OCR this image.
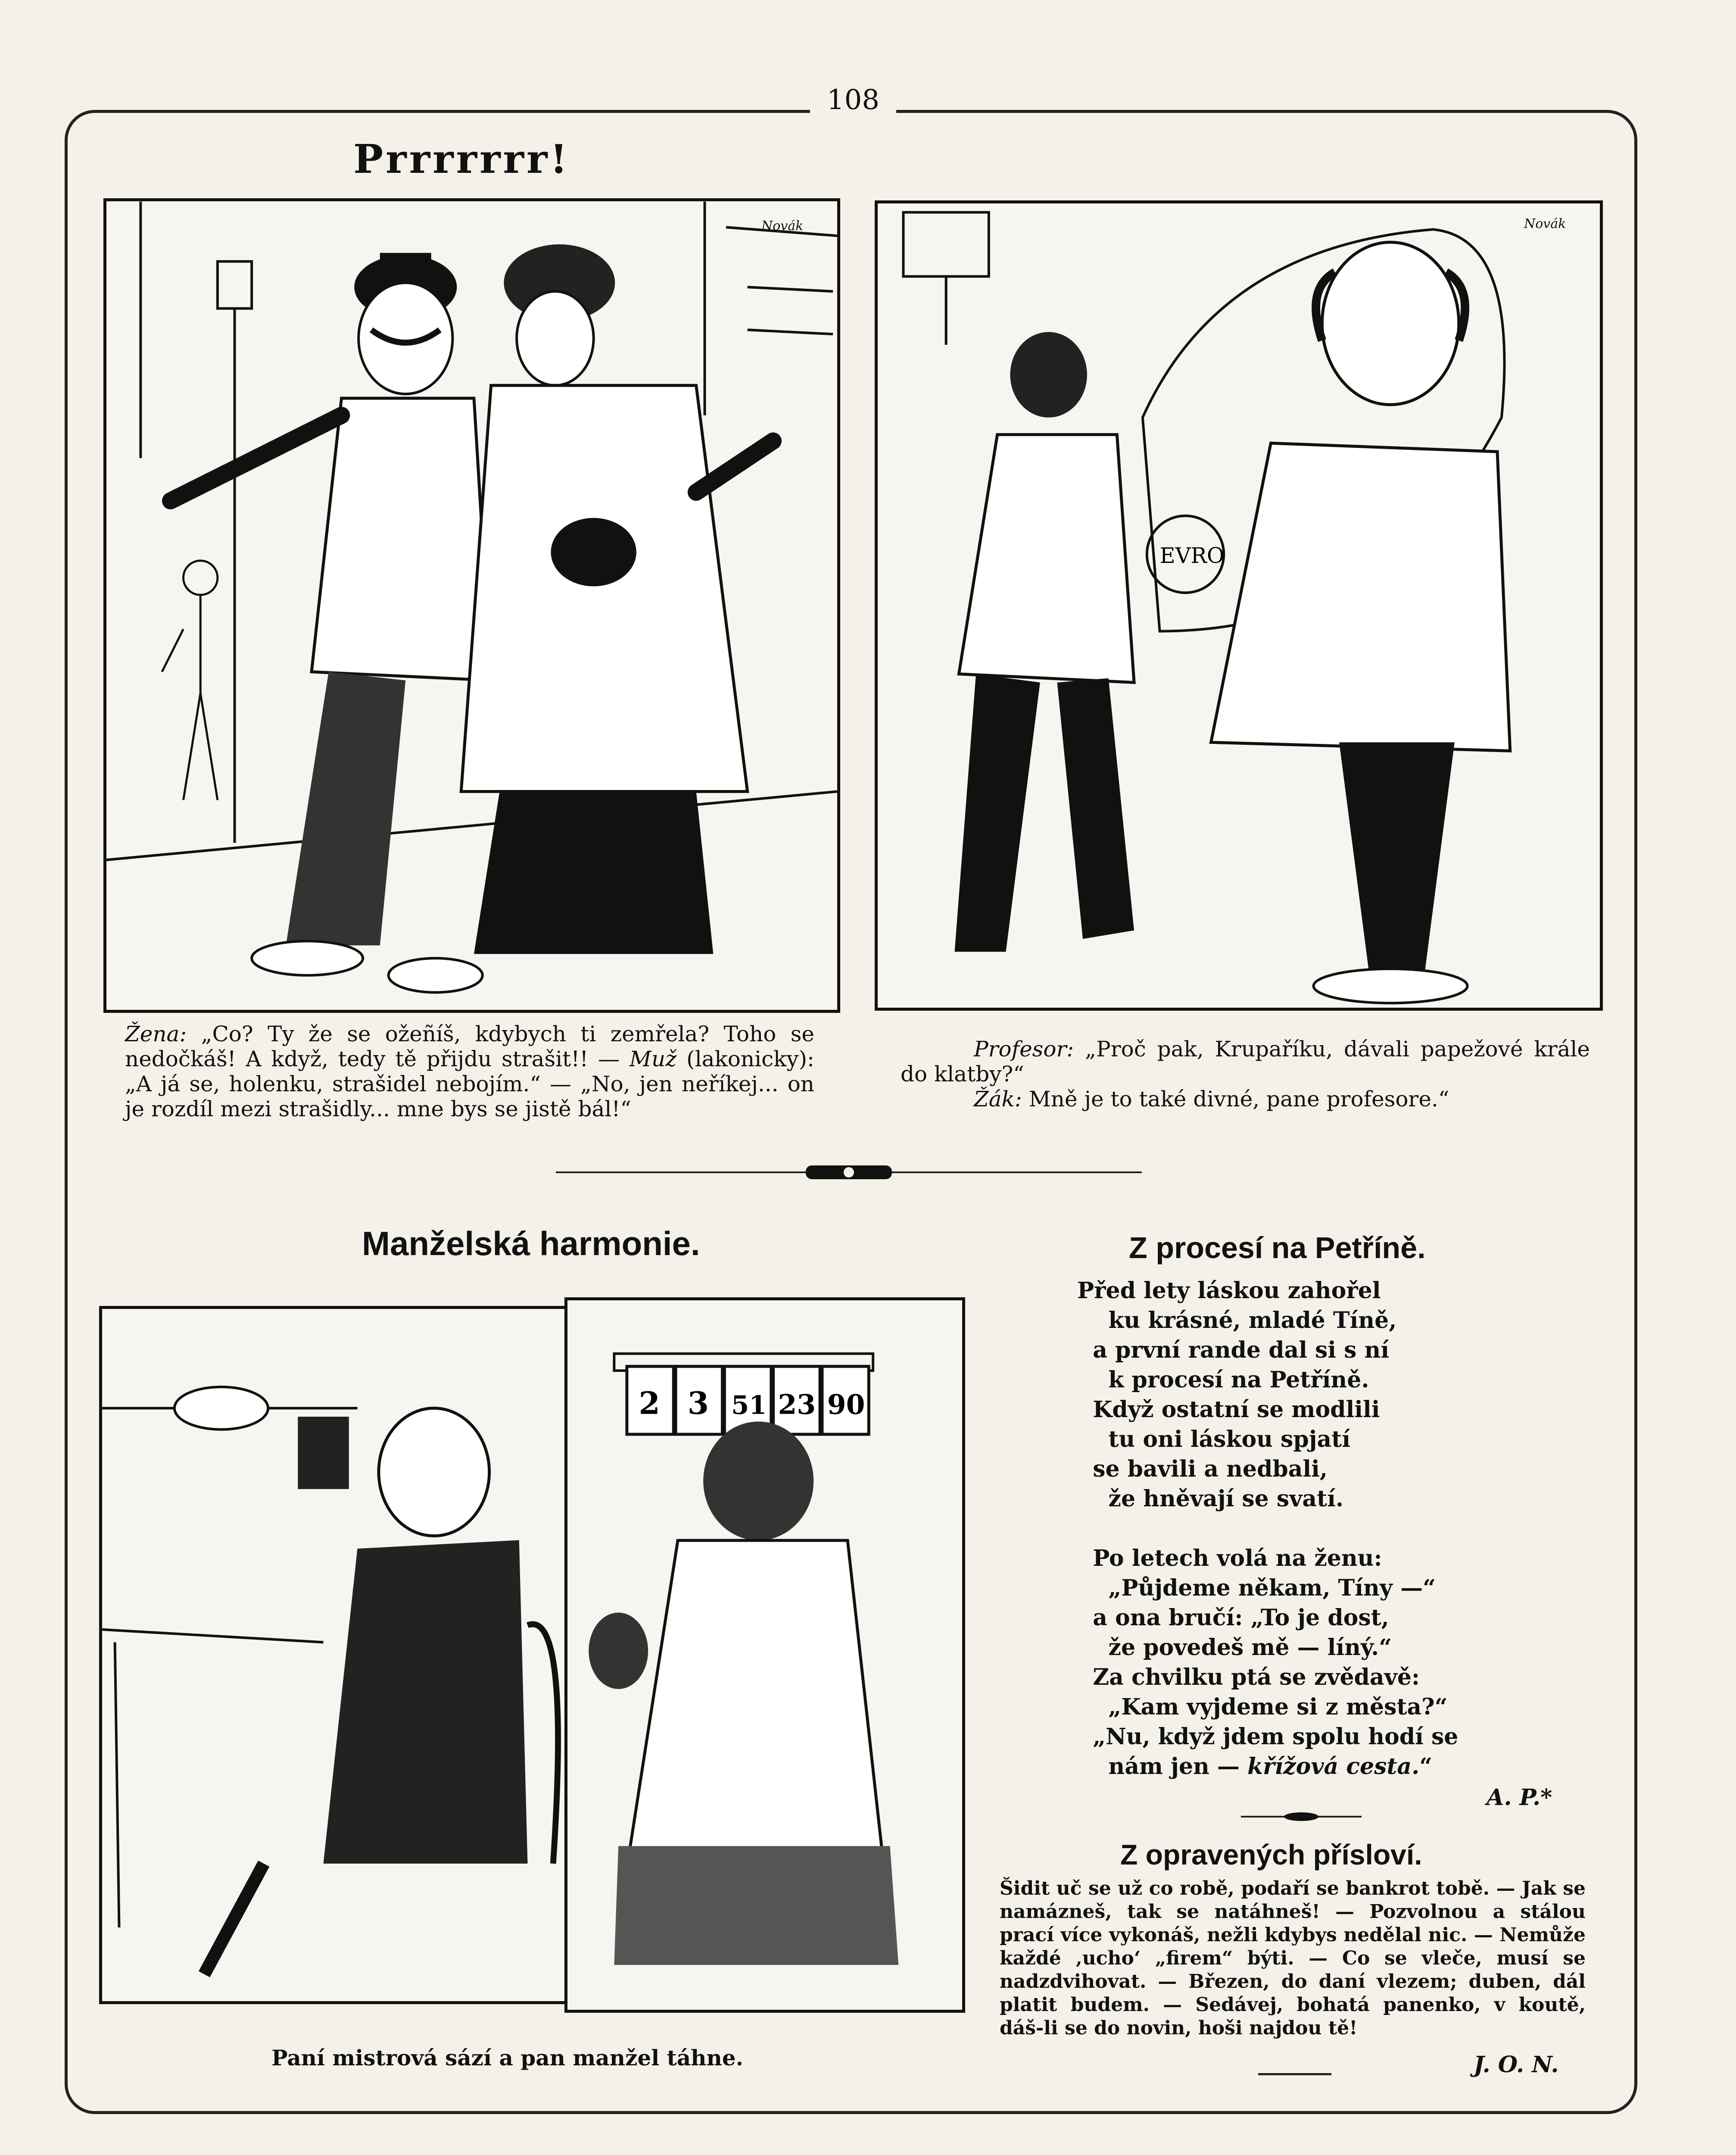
108
Prrrrrrr!
Novák
Žena: „Co? Ty že se ožeñíš, kdybych ti zemřela? Toho se nedočkáš! A když, tedy tě přijdu strašit!! — Muž (lakonicky): „A já se, holenku, strašidel nebojím.“ — „No, jen neříkej... on je rozdíl mezi strašidly... mne bys se jistě bál!“
EVRO
Novák
Profesor: „Proč pak, Krupaříku, dávali papežové krále do klatby?“
Žák: Mně je to také divné, pane profesore.“
Manželská harmonie.
2 3 51 23 90
Paní mistrová sází a pan manžel táhne.
Z procesí na Petříně.
Před lety láskou zahořel
ku krásné, mladé Tíně,
a první rande dal si s ní
k procesí na Petříně.
Když ostatní se modlili
tu oni láskou spjatí
se bavili a nedbali,
že hněvají se svatí.
Po letech volá na ženu:
„Půjdeme někam, Tíny —“
a ona bručí: „To je dost,
že povedeš mě — líný.“
Za chvilku ptá se zvědavě:
„Kam vyjdeme si z města?“
„Nu, když jdem spolu hodí se
nám jen — křížová cesta.“
A. P.*
Z opravených přísloví.
Šidit uč se už co robě, podaří se bankrot tobě. — Jak se namázneš, tak se natáhneš! — Pozvolnou a stálou prací více vykonáš, nežli kdybys nedělal nic. — Nemůže každé ‚ucho‘ „firem“ býti. — Co se vleče, musí se nadzdvihovat. — Březen, do daní vlezem; duben, dál platit budem. — Sedávej, bohatá panenko, v koutě, dáš-li se do novin, hoši najdou tě!
J. O. N.
